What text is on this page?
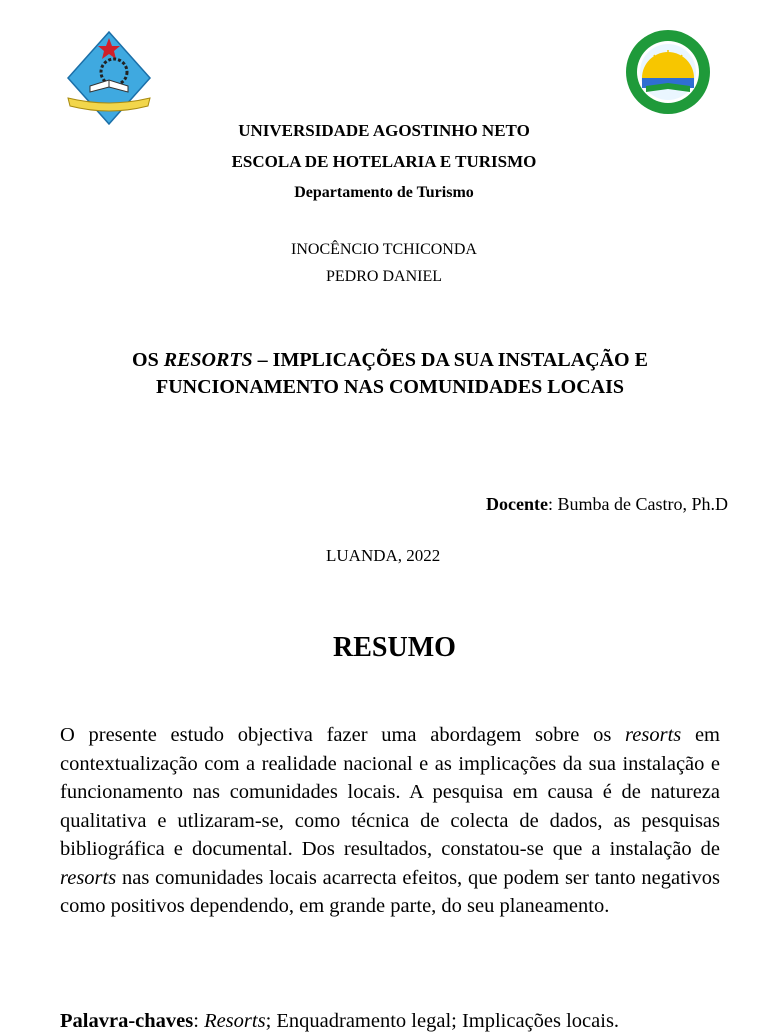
UNIVERSIDADE AGOSTINHO NETO
ESCOLA DE HOTELARIA E TURISMO
Departamento de Turismo
INOCÊNCIO TCHICONDA
PEDRO DANIEL
OS RESORTS – IMPLICAÇÕES DA SUA INSTALAÇÃO E
FUNCIONAMENTO NAS COMUNIDADES LOCAIS
Docente: Bumba de Castro, Ph.D
LUANDA, 2022
RESUMO
O presente estudo objectiva fazer uma abordagem sobre os resorts em contextualização com a realidade nacional e as implicações da sua instalação e funcionamento nas comunidades locais. A pesquisa em causa é de natureza qualitativa e utlizaram-se, como técnica de colecta de dados, as pesquisas bibliográfica e documental. Dos resultados, constatou-se que a instalação de resorts nas comunidades locais acarrecta efeitos, que podem ser tanto negativos como positivos dependendo, em grande parte, do seu planeamento.
Palavra-chaves: Resorts; Enquadramento legal; Implicações locais.
